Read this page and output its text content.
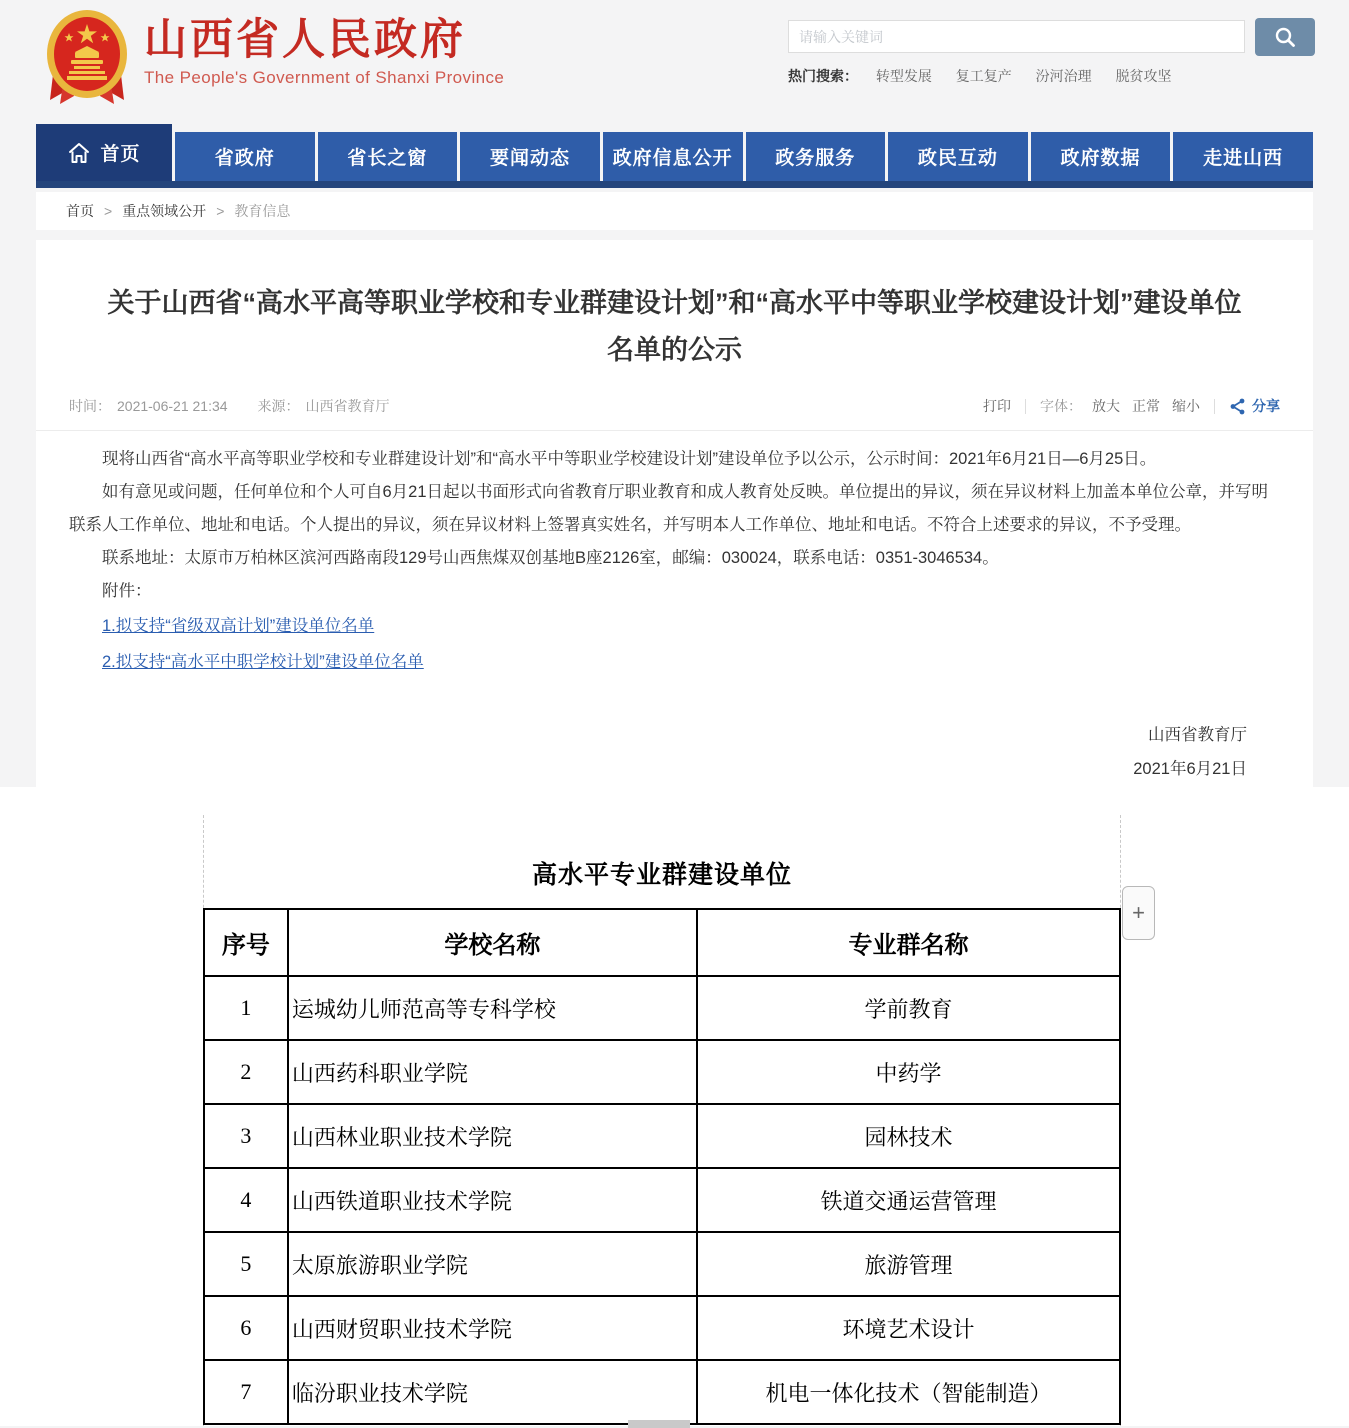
山西省人民政府
The People's Government of Shanxi Province
请输入关键词	热门搜索： 转型发展 复工复产 汾河治理 脱贫攻坚
首页	省政府	省长之窗	要闻动态 政府信息公开 政务服务	政民互动	政府数据	走进山西
首页 > 重点领域公开 > 教育信息
关于山西省“高水平高等职业学校和专业群建设计划”和“高水平中等职业学校建设计划”建设单位名单的公示
时间： 2021-06-21 21:34 来源： 山西省教育厅	打印 字体： 放大 正常 缩小	分享

现将山西省“高水平高等职业学校和专业群建设计划”和“高水平中等职业学校建设计划”建设单位予以公示，公示时间：2021年6月21日—6月25日。

如有意见或问题，任何单位和个人可自6月21日起以书面形式向省教育厅职业教育和成人教育处反映。单位提出的异议，须在异议材料上加盖本单位公章，并写明联系人工作单位、地址和电话。个人提出的异议，须在异议材料上签署真实姓名，并写明本人工作单位、地址和电话。不符合上述要求的异议，不予受理。

联系地址：太原市万柏林区滨河西路南段129号山西焦煤双创基地B座2126室，邮编：030024，联系电话：0351-3046534。

附件：

1.拟支持“省级双高计划”建设单位名单
2.拟支持“高水平中职学校计划”建设单位名单
山西省教育厅
2021年6月21日
高水平专业群建设单位
+
序号	学校名称	专业群名称
1	运城幼儿师范高等专科学校	学前教育
2	山西药科职业学院	中药学
3	山西林业职业技术学院	园林技术
4	山西铁道职业技术学院	铁道交通运营管理
5	太原旅游职业学院	旅游管理
6	山西财贸职业技术学院	环境艺术设计
7	临汾职业技术学院	机电一体化技术（智能制造）
